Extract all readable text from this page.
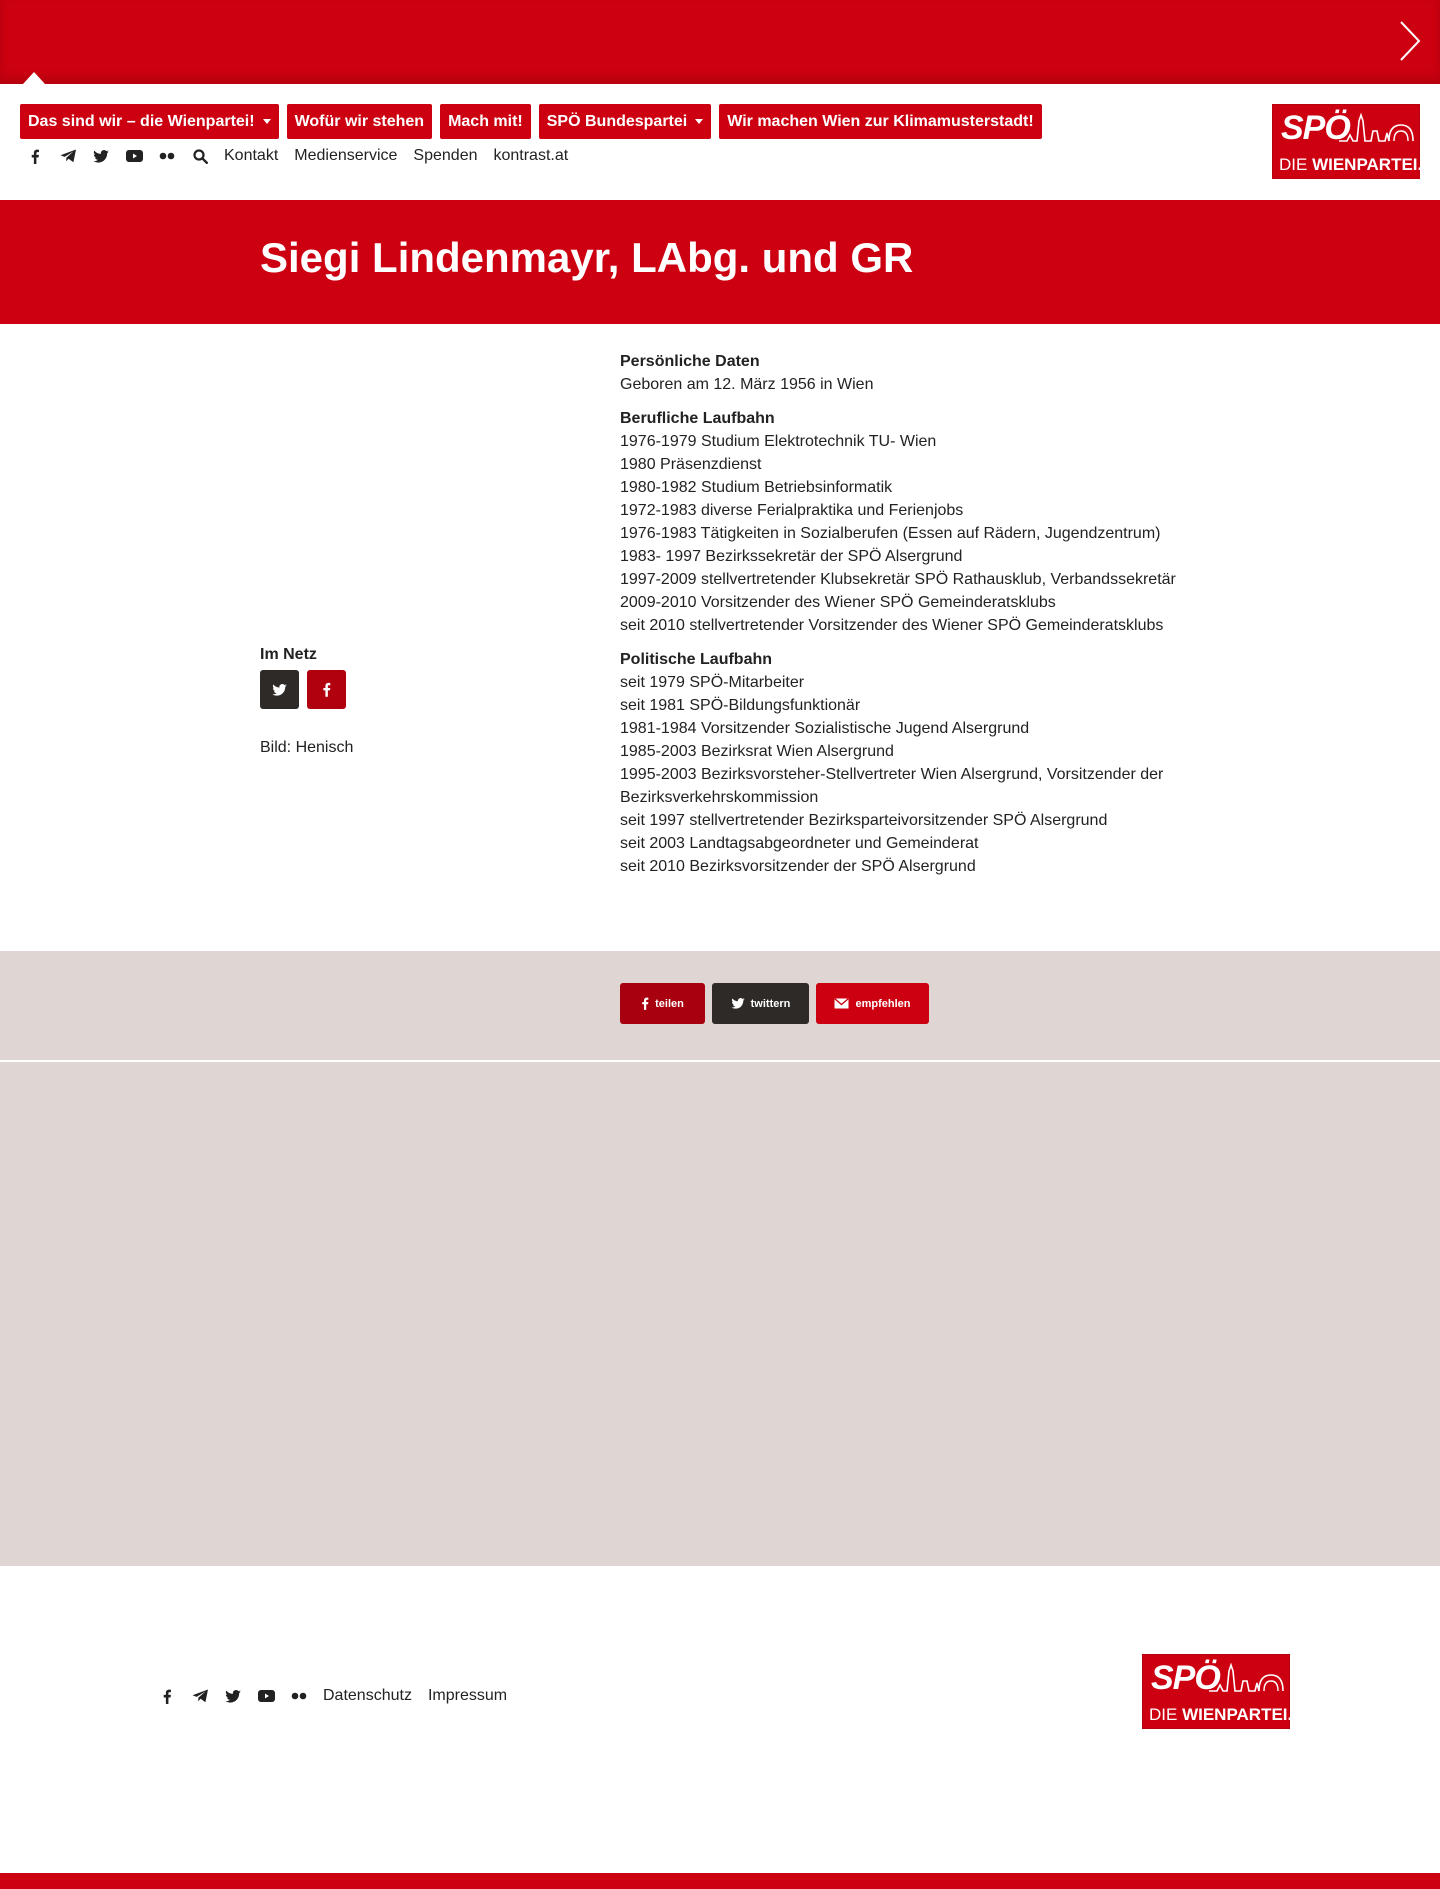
Das sind wir – die Wienpartei!	Wofür wir stehen Mach mit! SPÖ Bundespartei	Wir machen Wien zur Klimamusterstadt!
Kontakt Medienservice Spenden kontrast.at
SPÖ
DIE WIENPARTEI.
Siegi Lindenmayr, LAbg. und GR
Im Netz
Bild: Henisch
Persönliche Daten
Geboren am 12. März 1956 in Wien
Berufliche Laufbahn
1976-1979 Studium Elektrotechnik TU- Wien
1980 Präsenzdienst
1980-1982 Studium Betriebsinformatik
1972-1983 diverse Ferialpraktika und Ferienjobs
1976-1983 Tätigkeiten in Sozialberufen (Essen auf Rädern, Jugendzentrum)
1983- 1997 Bezirkssekretär der SPÖ Alsergrund
1997-2009 stellvertretender Klubsekretär SPÖ Rathausklub, Verbandssekretär
2009-2010 Vorsitzender des Wiener SPÖ Gemeinderatsklubs
seit 2010 stellvertretender Vorsitzender des Wiener SPÖ Gemeinderatsklubs
Politische Laufbahn
seit 1979 SPÖ-Mitarbeiter
seit 1981 SPÖ-Bildungsfunktionär
1981-1984 Vorsitzender Sozialistische Jugend Alsergrund
1985-2003 Bezirksrat Wien Alsergrund
1995-2003 Bezirksvorsteher-Stellvertreter Wien Alsergrund, Vorsitzender der Bezirksverkehrskommission
seit 1997 stellvertretender Bezirksparteivorsitzender SPÖ Alsergrund
seit 2003 Landtagsabgeordneter und Gemeinderat
seit 2010 Bezirksvorsitzender der SPÖ Alsergrund
teilen	twittern	empfehlen
Datenschutz Impressum	SPÖ
DIE WIENPARTEI.
